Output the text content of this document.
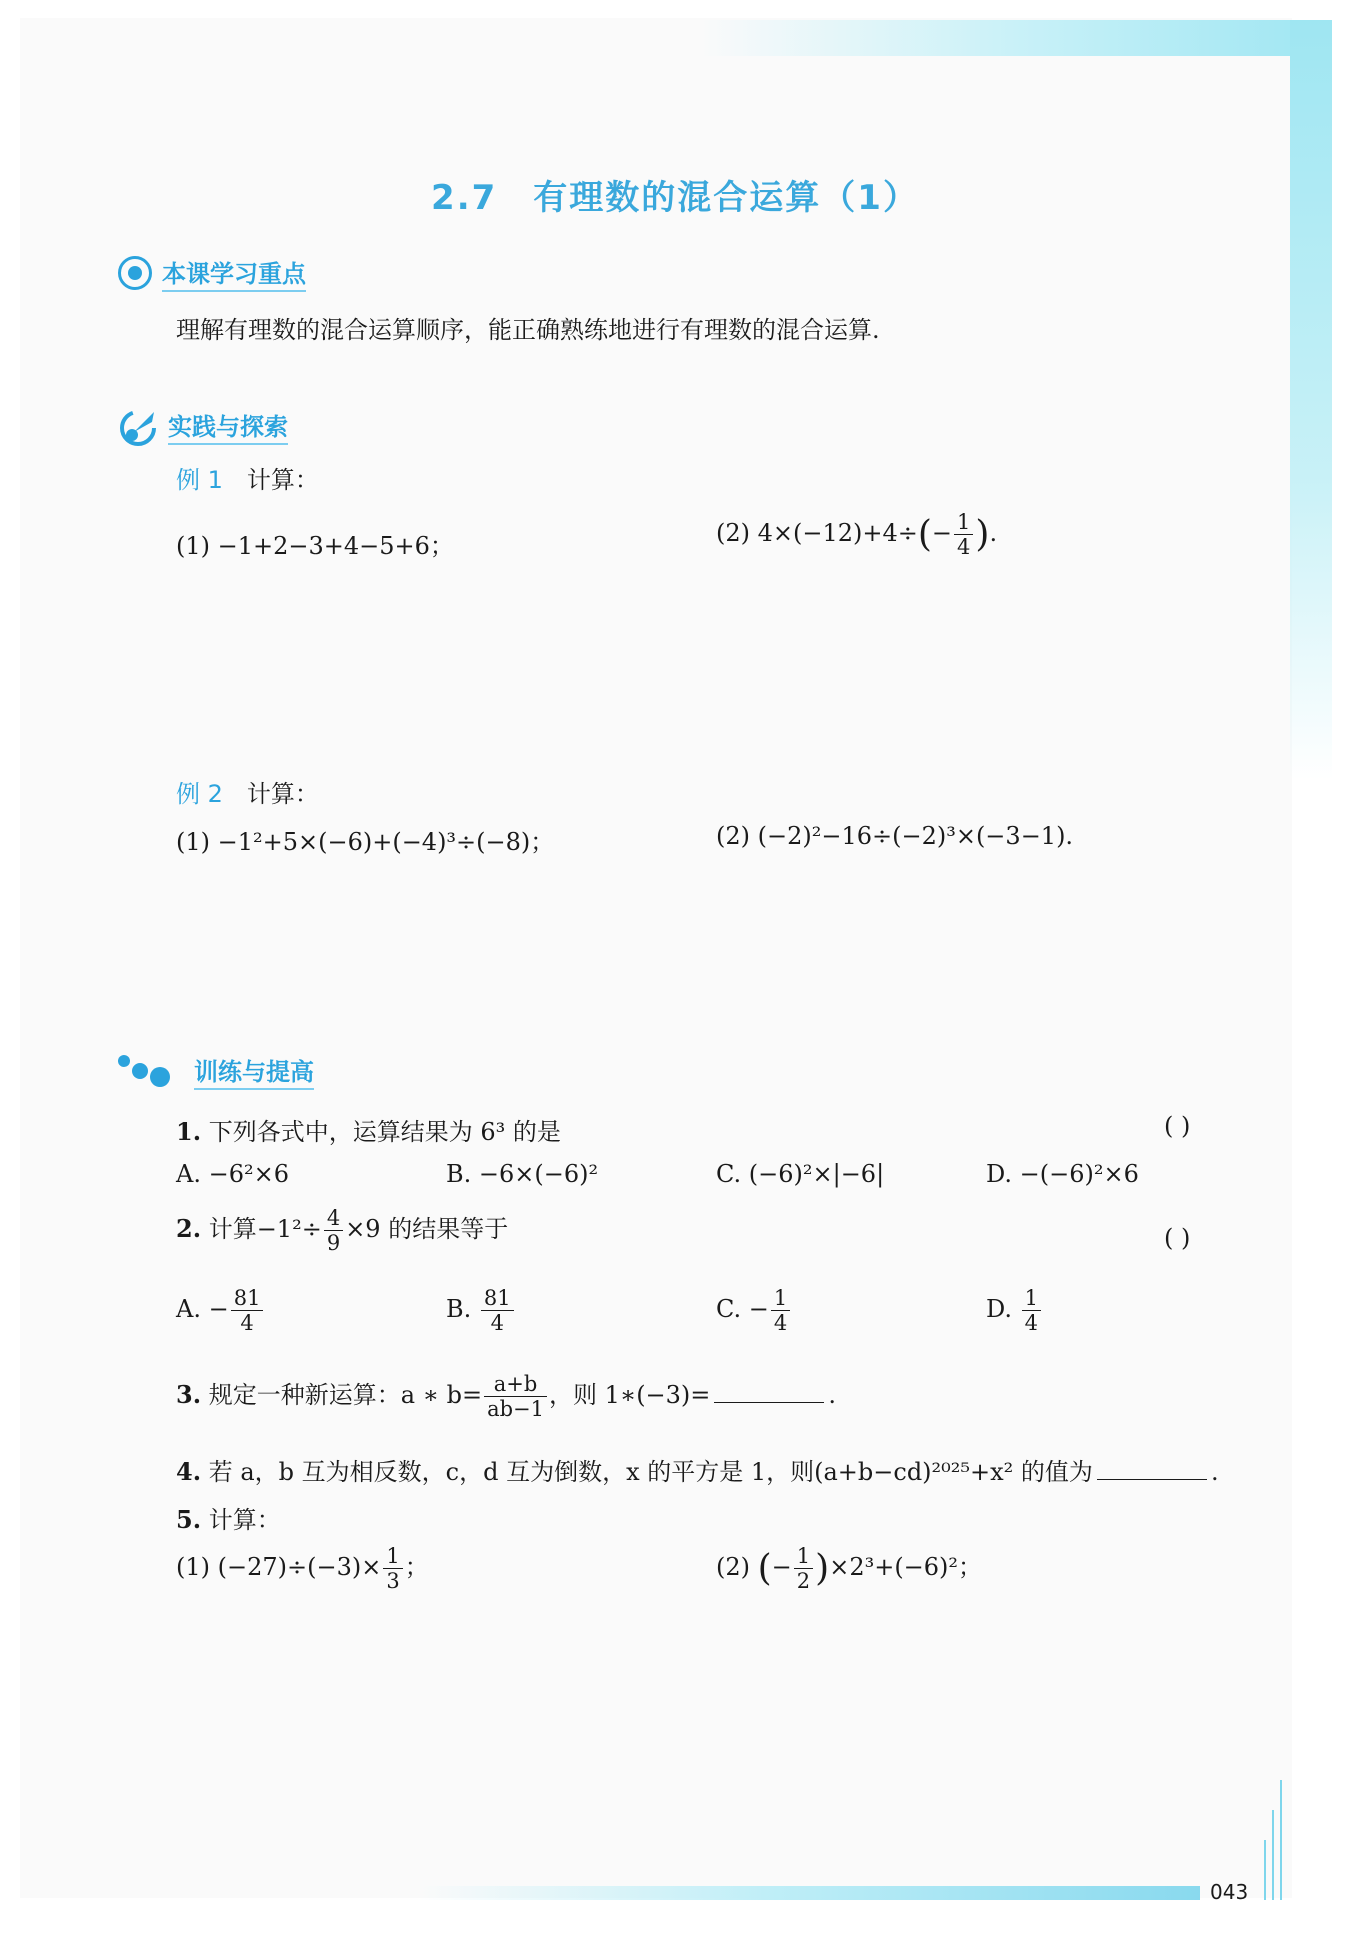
2.7 有理数的混合运算（1）
本课学习重点
理解有理数的混合运算顺序，能正确熟练地进行有理数的混合运算.
实践与探索
例 1 计算：
(1) −1+2−3+4−5+6；	(2) $4\times(-12)+4\div(- \frac{1}{4}$ ).
例 2 计算：
(1) −1²+5×(−6)+(−4)³÷(−8)；	(2) (−2)²−16÷(−2)³×(−3−1).
训练与提高
1. 下列各式中，运算结果为 6³ 的是	( )
A. −6²×6	B. −6×(−6)²	C. (−6)²×|−6|	D. −(−6)²×6
2. 计算$-1^2\div \frac{4}{9} \times 9$ 的结果等于	( )
A. − $\frac{81}{4}$	B. $\frac{81}{4}$	C. − $\frac{1}{4}$	D. $\frac{1}{4}$
3. 规定一种新运算：a ∗ $b= \frac{a+b}{ab-1}$ ，则 1∗(−3)=	.
4. 若 a，b 互为相反数，c，d 互为倒数，x 的平方是 1，则(a+b−cd)²⁰²⁵+x² 的值为	.
5. 计算：
(1) $(-27)\div(-3)\times \frac{1}{3}$ ；	(2) (− $\frac{1}{2} )\times 2^3+(-6)^2$；
043
